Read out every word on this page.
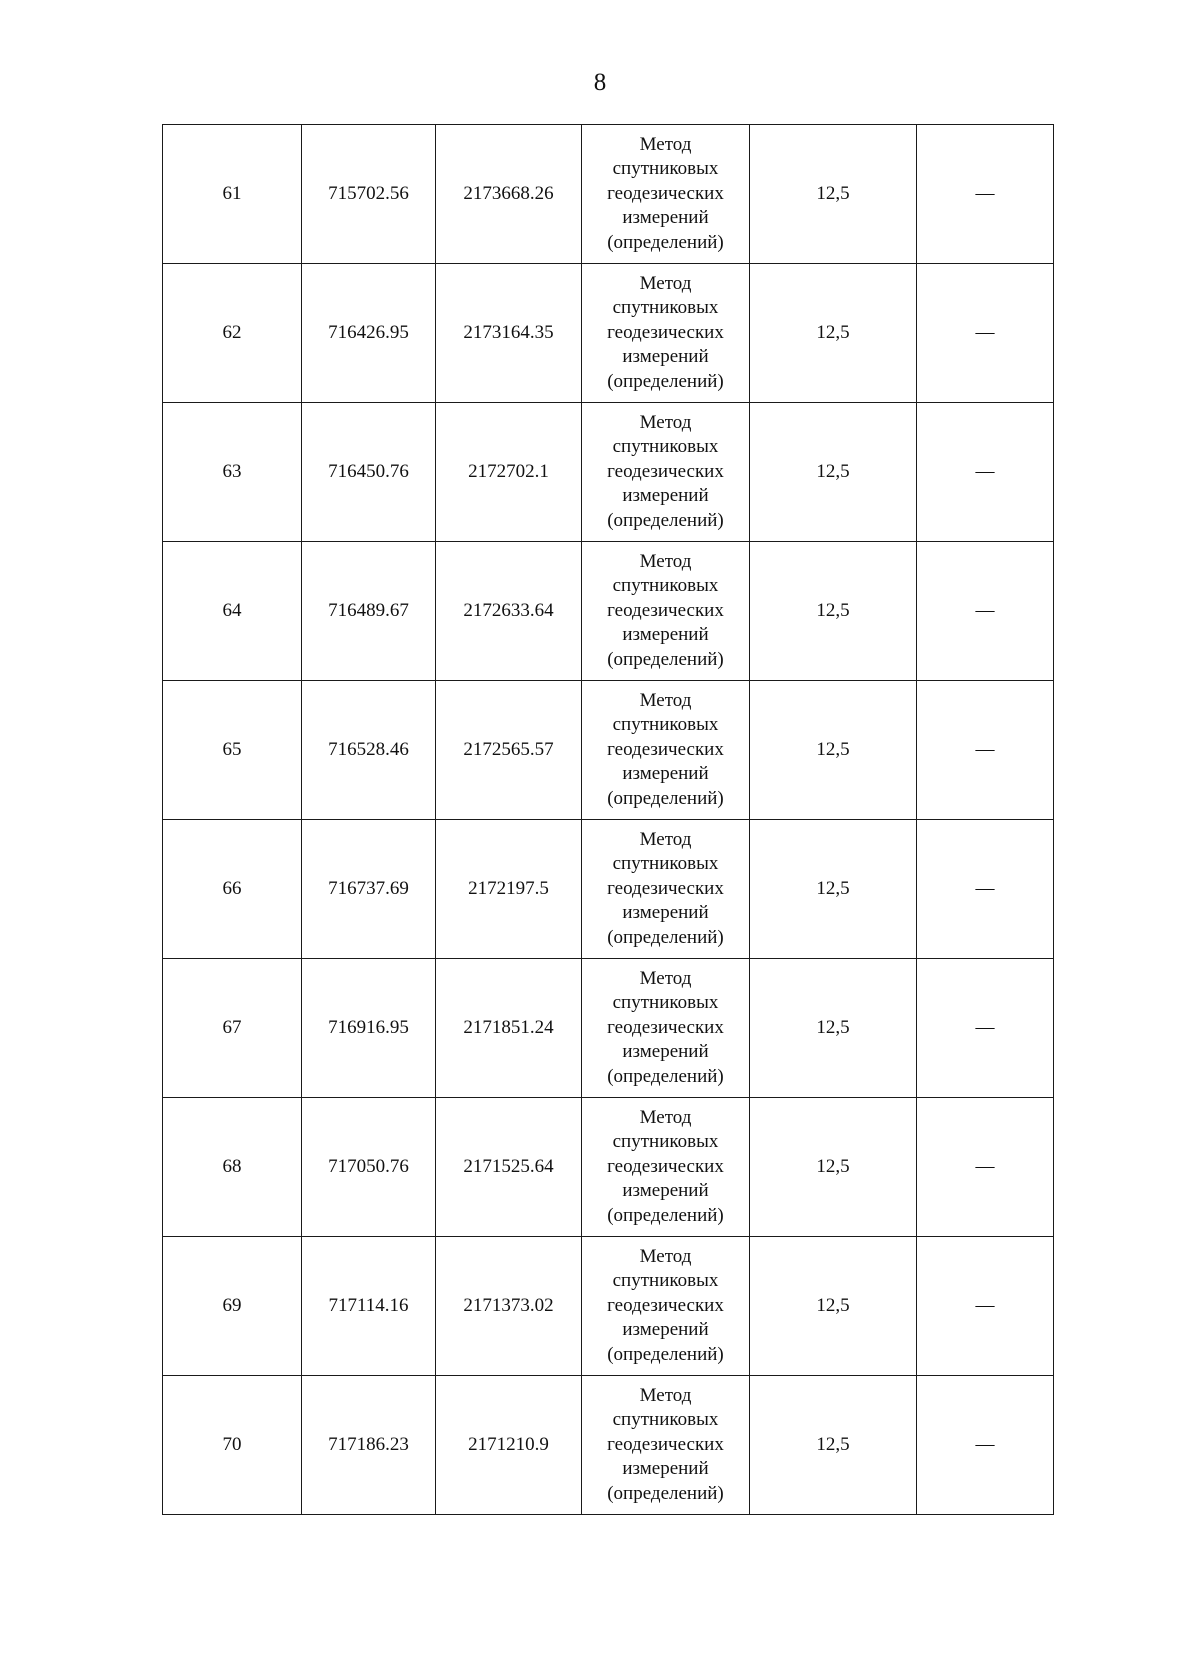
8
61	715702.56	2173668.26	Метод
спутниковых
геодезических
измерений
(определений)	12,5	—
62	716426.95	2173164.35	Метод
спутниковых
геодезических
измерений
(определений)	12,5	—
63	716450.76	2172702.1	Метод
спутниковых
геодезических
измерений
(определений)	12,5	—
64	716489.67	2172633.64	Метод
спутниковых
геодезических
измерений
(определений)	12,5	—
65	716528.46	2172565.57	Метод
спутниковых
геодезических
измерений
(определений)	12,5	—
66	716737.69	2172197.5	Метод
спутниковых
геодезических
измерений
(определений)	12,5	—
67	716916.95	2171851.24	Метод
спутниковых
геодезических
измерений
(определений)	12,5	—
68	717050.76	2171525.64	Метод
спутниковых
геодезических
измерений
(определений)	12,5	—
69	717114.16	2171373.02	Метод
спутниковых
геодезических
измерений
(определений)	12,5	—
70	717186.23	2171210.9	Метод
спутниковых
геодезических
измерений
(определений)	12,5	—
